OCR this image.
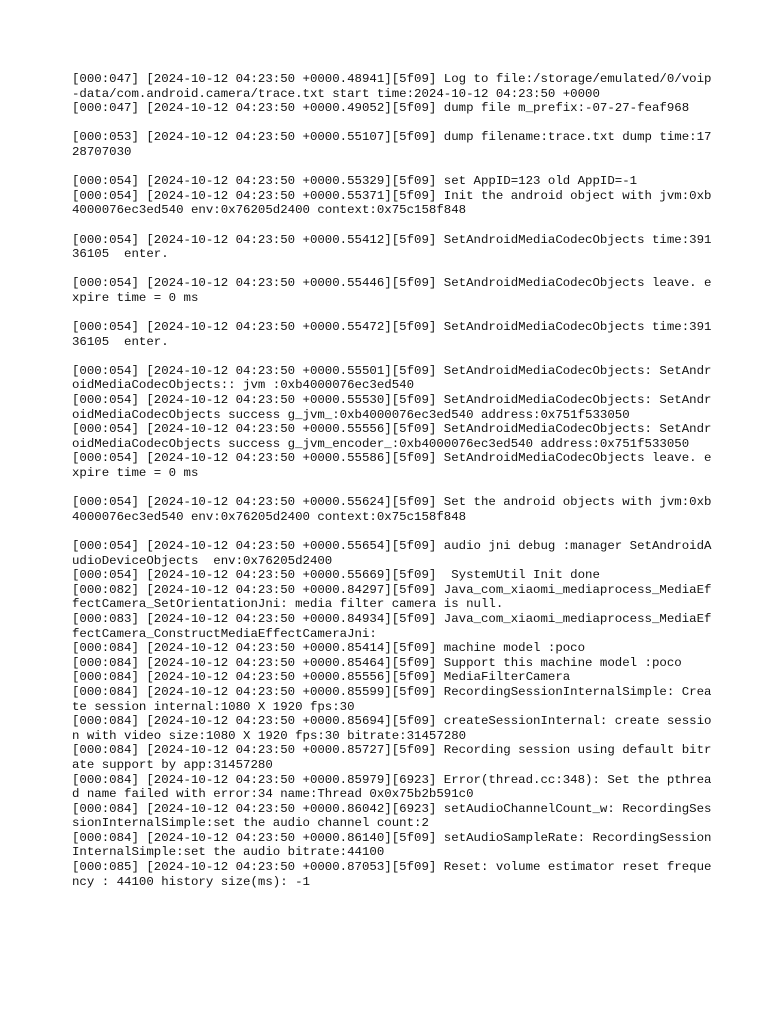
[000:047] [2024-10-12 04:23:50 +0000.48941][5f09] Log to file:/storage/emulated/0/voip-data/com.android.camera/trace.txt start time:2024-10-12 04:23:50 +0000
[000:047] [2024-10-12 04:23:50 +0000.49052][5f09] dump file m_prefix:-07-27-feaf968
[000:053] [2024-10-12 04:23:50 +0000.55107][5f09] dump filename:trace.txt dump time:1728707030
[000:054] [2024-10-12 04:23:50 +0000.55329][5f09] set AppID=123 old AppID=-1
[000:054] [2024-10-12 04:23:50 +0000.55371][5f09] Init the android object with jvm:0xb4000076ec3ed540 env:0x76205d2400 context:0x75c158f848
[000:054] [2024-10-12 04:23:50 +0000.55412][5f09] SetAndroidMediaCodecObjects time:39136105  enter.
[000:054] [2024-10-12 04:23:50 +0000.55446][5f09] SetAndroidMediaCodecObjects leave. expire time = 0 ms
[000:054] [2024-10-12 04:23:50 +0000.55472][5f09] SetAndroidMediaCodecObjects time:39136105  enter.
[000:054] [2024-10-12 04:23:50 +0000.55501][5f09] SetAndroidMediaCodecObjects: SetAndroidMediaCodecObjects:: jvm :0xb4000076ec3ed540
[000:054] [2024-10-12 04:23:50 +0000.55530][5f09] SetAndroidMediaCodecObjects: SetAndroidMediaCodecObjects success g_jvm_:0xb4000076ec3ed540 address:0x751f533050
[000:054] [2024-10-12 04:23:50 +0000.55556][5f09] SetAndroidMediaCodecObjects: SetAndroidMediaCodecObjects success g_jvm_encoder_:0xb4000076ec3ed540 address:0x751f533050
[000:054] [2024-10-12 04:23:50 +0000.55586][5f09] SetAndroidMediaCodecObjects leave. expire time = 0 ms
[000:054] [2024-10-12 04:23:50 +0000.55624][5f09] Set the android objects with jvm:0xb4000076ec3ed540 env:0x76205d2400 context:0x75c158f848
[000:054] [2024-10-12 04:23:50 +0000.55654][5f09] audio jni debug :manager SetAndroidAudioDeviceObjects  env:0x76205d2400
[000:054] [2024-10-12 04:23:50 +0000.55669][5f09]  SystemUtil Init done
[000:082] [2024-10-12 04:23:50 +0000.84297][5f09] Java_com_xiaomi_mediaprocess_MediaEffectCamera_SetOrientationJni: media filter camera is null.
[000:083] [2024-10-12 04:23:50 +0000.84934][5f09] Java_com_xiaomi_mediaprocess_MediaEffectCamera_ConstructMediaEffectCameraJni:
[000:084] [2024-10-12 04:23:50 +0000.85414][5f09] machine model :poco
[000:084] [2024-10-12 04:23:50 +0000.85464][5f09] Support this machine model :poco
[000:084] [2024-10-12 04:23:50 +0000.85556][5f09] MediaFilterCamera
[000:084] [2024-10-12 04:23:50 +0000.85599][5f09] RecordingSessionInternalSimple: Create session internal:1080 X 1920 fps:30
[000:084] [2024-10-12 04:23:50 +0000.85694][5f09] createSessionInternal: create session with video size:1080 X 1920 fps:30 bitrate:31457280
[000:084] [2024-10-12 04:23:50 +0000.85727][5f09] Recording session using default bitrate support by app:31457280
[000:084] [2024-10-12 04:23:50 +0000.85979][6923] Error(thread.cc:348): Set the pthread name failed with error:34 name:Thread 0x0x75b2b591c0
[000:084] [2024-10-12 04:23:50 +0000.86042][6923] setAudioChannelCount_w: RecordingSessionInternalSimple:set the audio channel count:2
[000:084] [2024-10-12 04:23:50 +0000.86140][5f09] setAudioSampleRate: RecordingSessionInternalSimple:set the audio bitrate:44100
[000:085] [2024-10-12 04:23:50 +0000.87053][5f09] Reset: volume estimator reset frequency : 44100 history size(ms): -1
